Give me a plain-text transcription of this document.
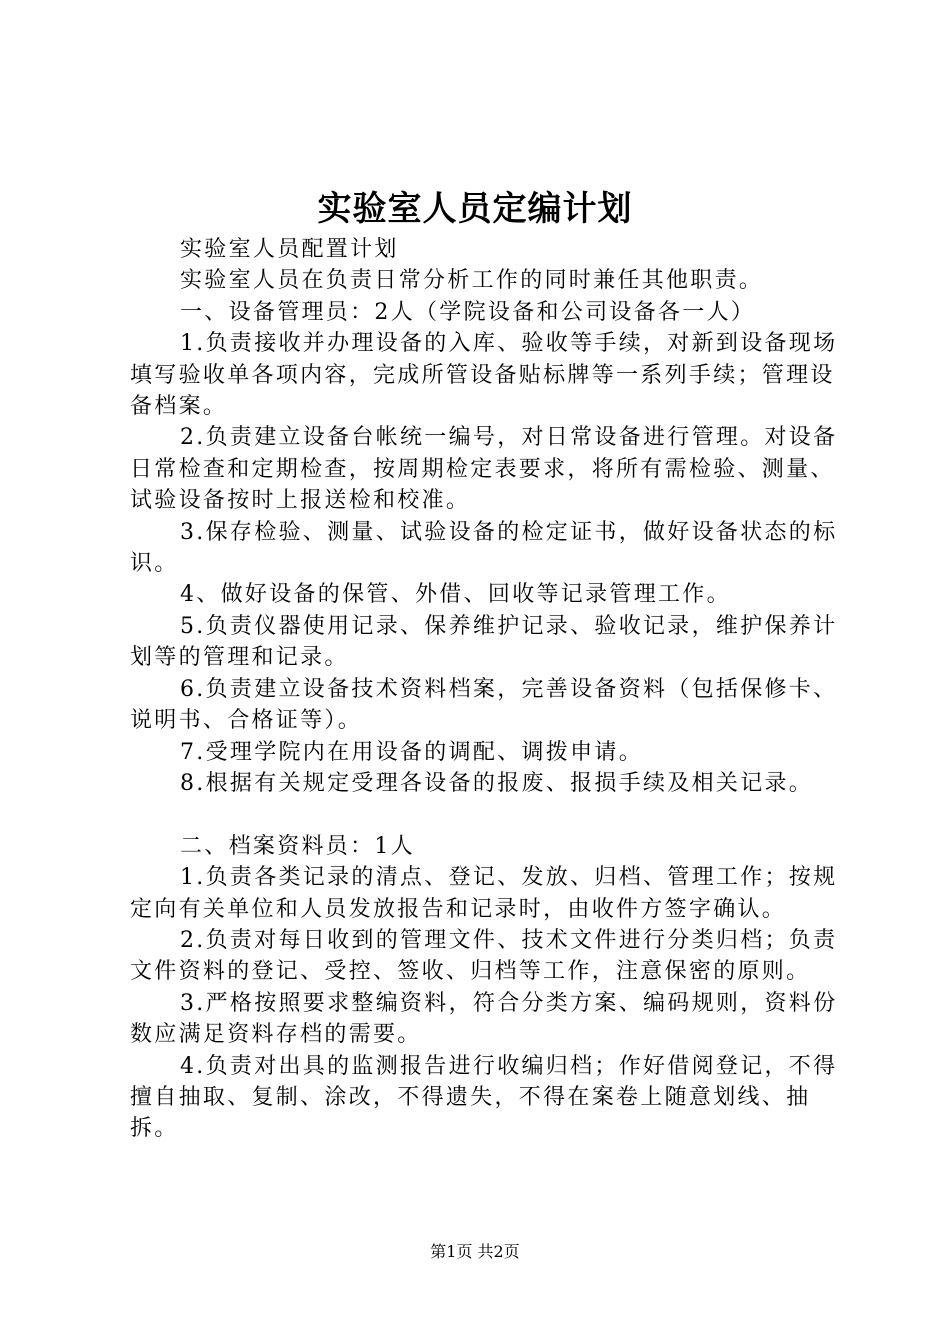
实验室人员定编计划

实验室人员配置计划

实验室人员在负责日常分析工作的同时兼任其他职责。

一、设备管理员：2人（学院设备和公司设备各一人）

1.负责接收并办理设备的入库、验收等手续，对新到设备现场填写验收单各项内容，完成所管设备贴标牌等一系列手续；管理设备档案。

2.负责建立设备台帐统一编号，对日常设备进行管理。对设备日常检查和定期检查，按周期检定表要求，将所有需检验、测量、试验设备按时上报送检和校准。

3.保存检验、测量、试验设备的检定证书，做好设备状态的标识。

4、做好设备的保管、外借、回收等记录管理工作。

5.负责仪器使用记录、保养维护记录、验收记录，维护保养计划等的管理和记录。

6.负责建立设备技术资料档案，完善设备资料（包括保修卡、说明书、合格证等）。

7.受理学院内在用设备的调配、调拨申请。

8.根据有关规定受理各设备的报废、报损手续及相关记录。

二、档案资料员：1人

1.负责各类记录的清点、登记、发放、归档、管理工作；按规定向有关单位和人员发放报告和记录时，由收件方签字确认。

2.负责对每日收到的管理文件、技术文件进行分类归档；负责文件资料的登记、受控、签收、归档等工作，注意保密的原则。

3.严格按照要求整编资料，符合分类方案、编码规则，资料份数应满足资料存档的需要。

4.负责对出具的监测报告进行收编归档；作好借阅登记，不得擅自抽取、复制、涂改，不得遗失，不得在案卷上随意划线、抽拆。

第1页 共2页
